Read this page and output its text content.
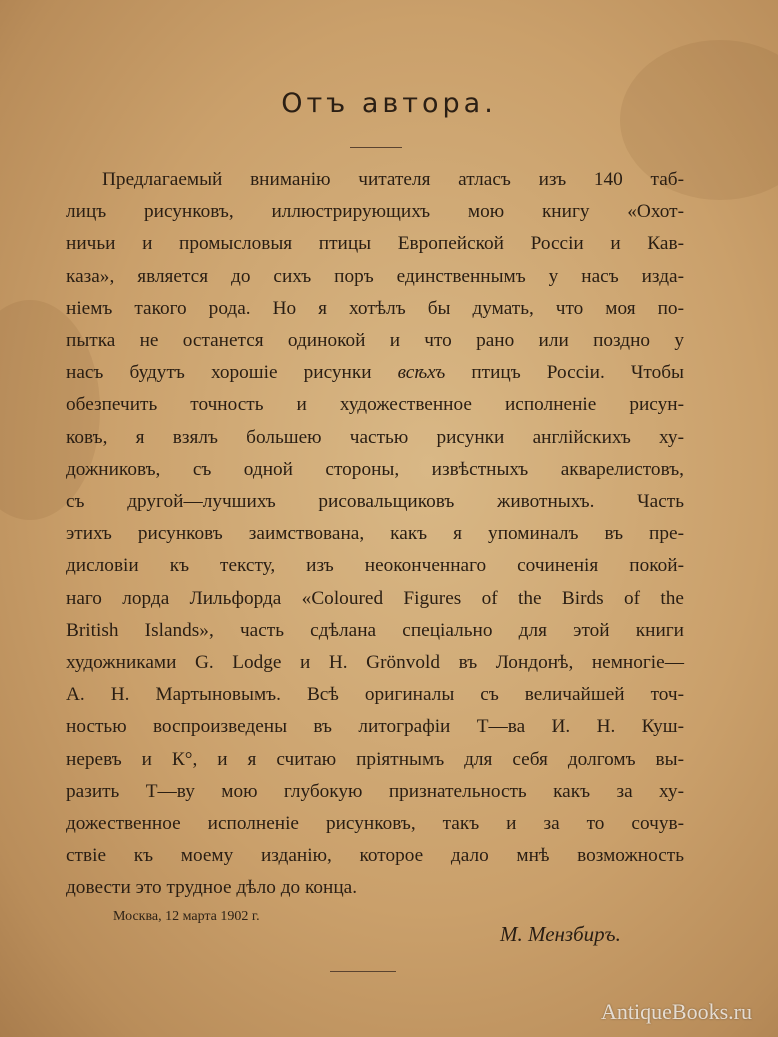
Отъ автора.
Предлагаемый вниманію читателя атласъ изъ 140 таб-
лицъ рисунковъ, иллюстрирующихъ мою книгу «Охот-
ничьи и промысловыя птицы Европейской Россіи и Кав-
каза», является до сихъ поръ единственнымъ у насъ изда-
ніемъ такого рода. Но я хотѣлъ бы думать, что моя по-
пытка не останется одинокой и что рано или поздно у
насъ будутъ хорошіе рисунки всѣхъ птицъ Россіи. Чтобы
обезпечить точность и художественное исполненіе рисун-
ковъ, я взялъ большею частью рисунки англійскихъ ху-
дожниковъ, съ одной стороны, извѣстныхъ акварелистовъ,
съ другой—лучшихъ рисовальщиковъ животныхъ. Часть
этихъ рисунковъ заимствована, какъ я упоминалъ въ пре-
дисловіи къ тексту, изъ неоконченнаго сочиненія покой-
наго лорда Лильфорда «Coloured Figures of the Birds of the
British Islands», часть сдѣлана спеціально для этой книги
художниками G. Lodge и H. Grönvold въ Лондонѣ, немногіе—
А. Н. Мартыновымъ. Всѣ оригиналы съ величайшей точ-
ностью воспроизведены въ литографіи Т—ва И. Н. Куш-
неревъ и К°, и я считаю пріятнымъ для себя долгомъ вы-
разить Т—ву мою глубокую признательность какъ за ху-
дожественное исполненіе рисунковъ, такъ и за то сочув-
ствіе къ моему изданію, которое дало мнѣ возможность
довести это трудное дѣло до конца.
Москва, 12 марта 1902 г.
М. Мензбиръ.
AntiqueBooks.ru
